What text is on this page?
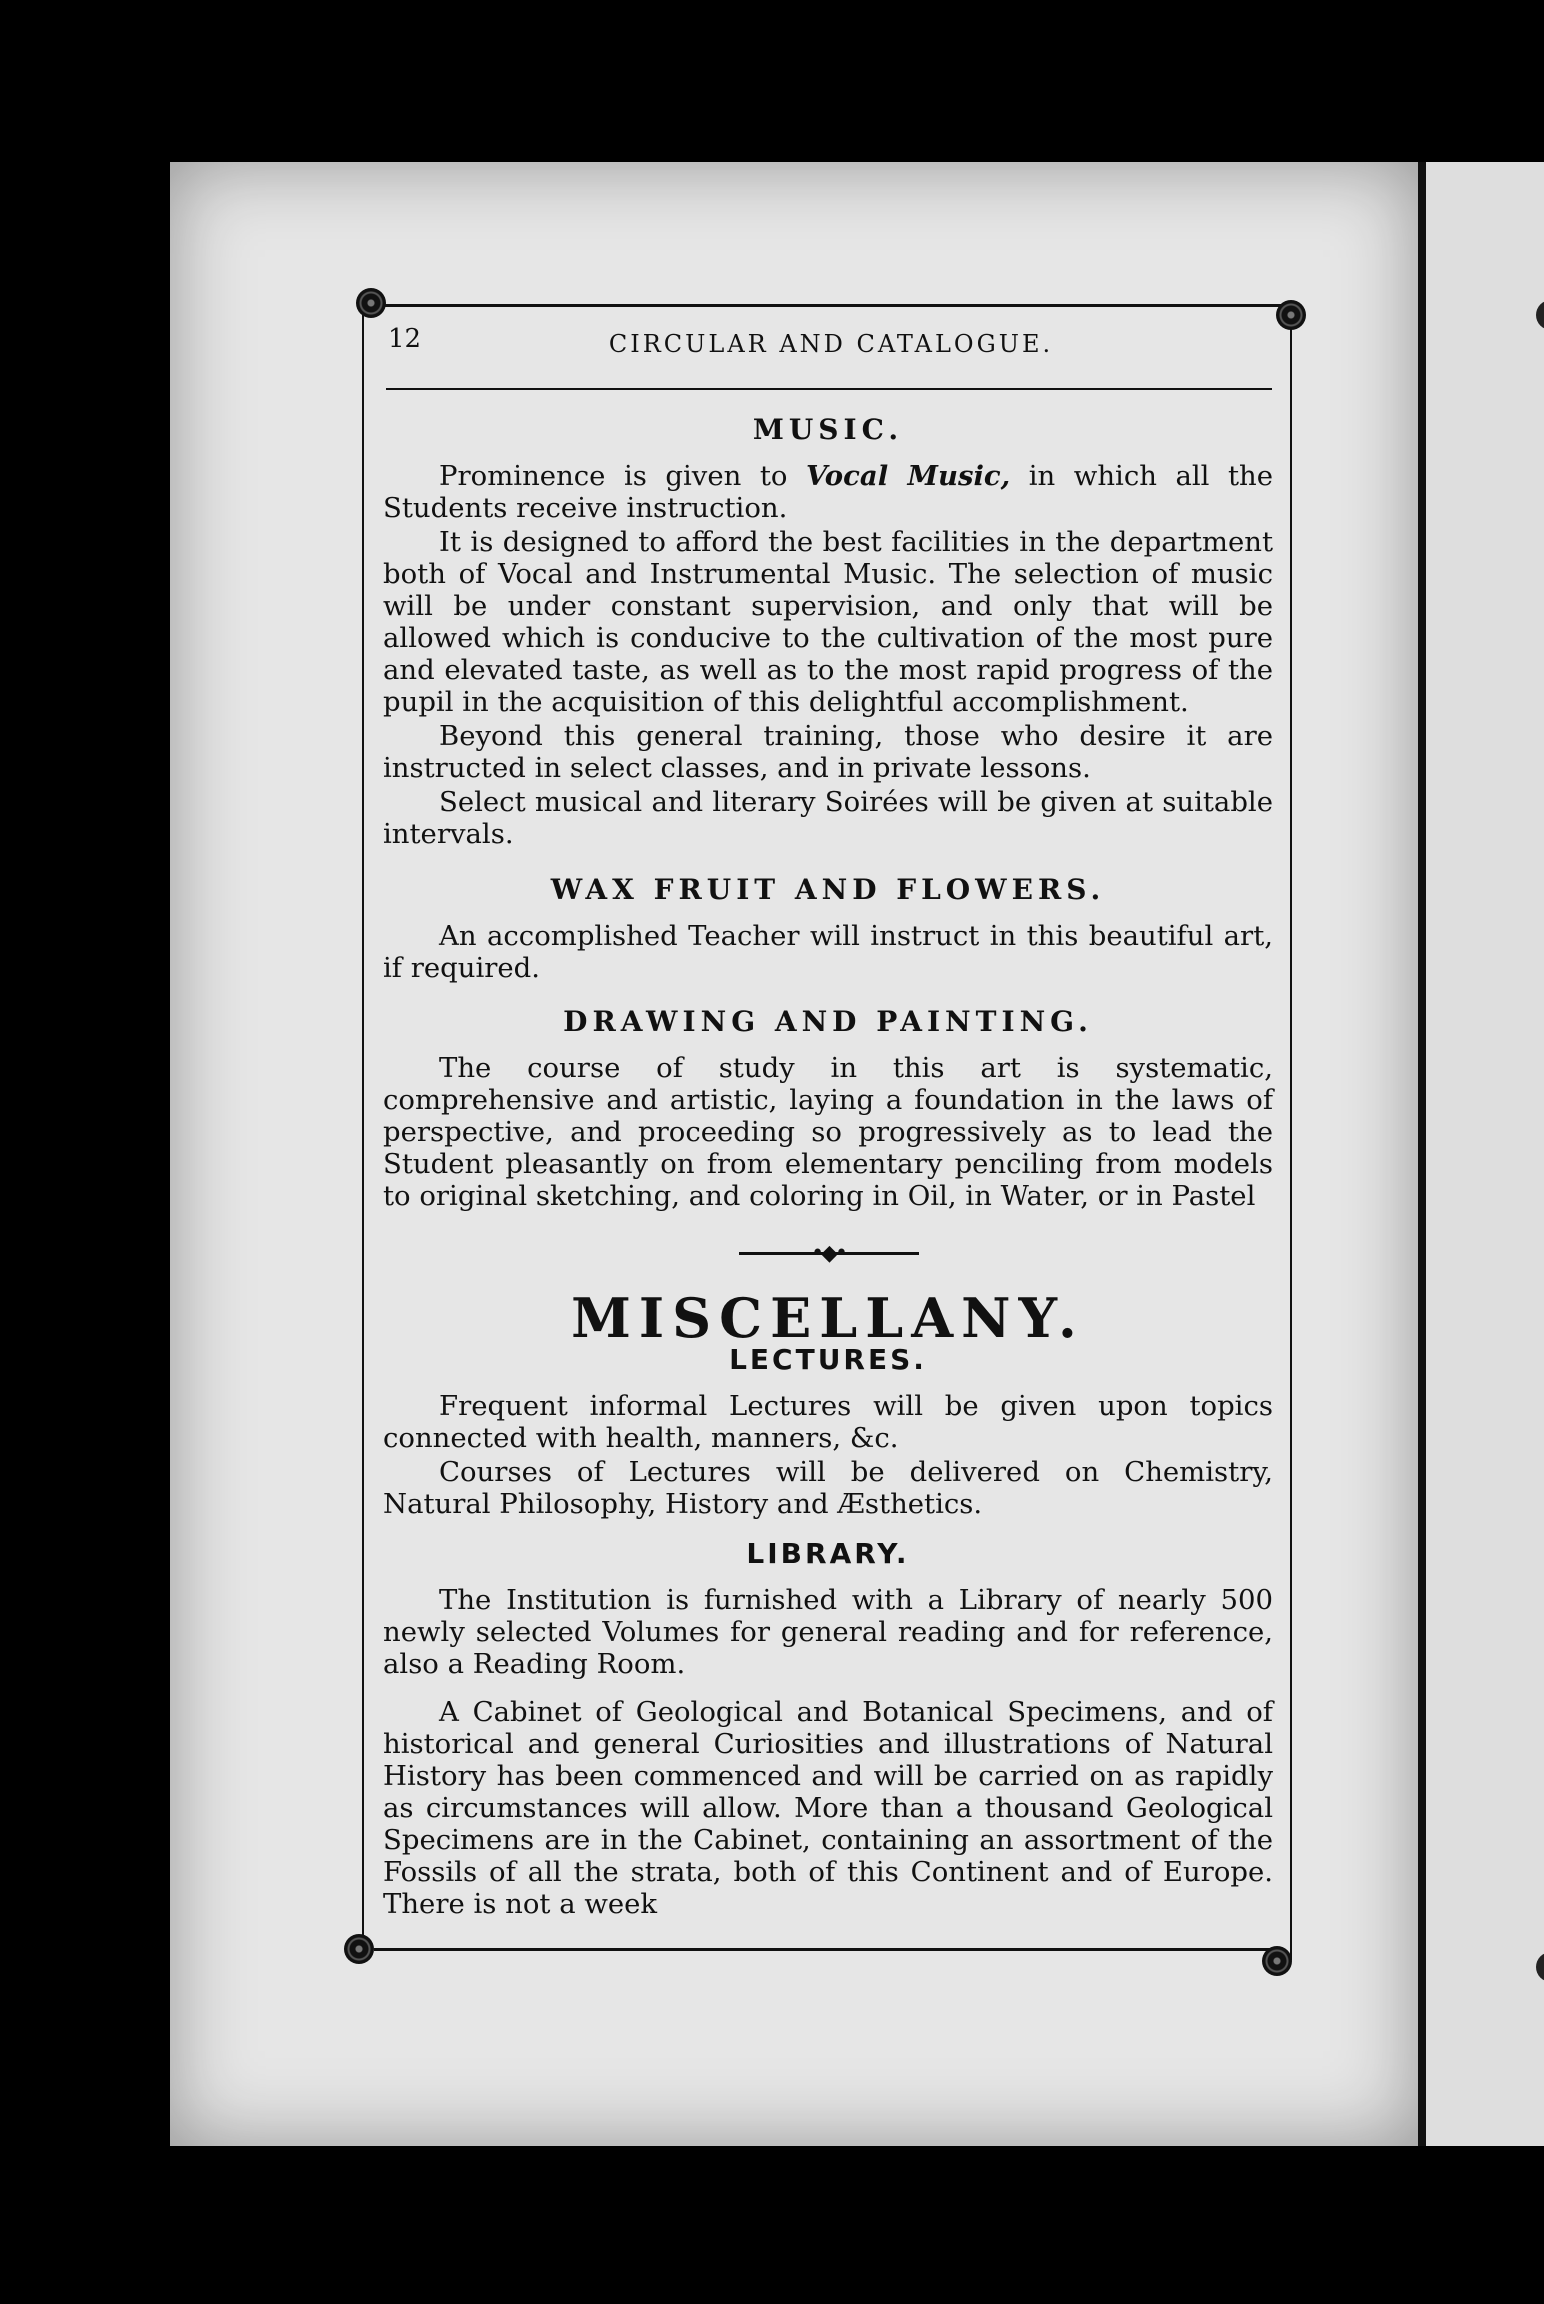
12	CIRCULAR AND CATALOGUE.
MUSIC.

Prominence is given to Vocal Music, in which all the Students receive instruction.

It is designed to afford the best facilities in the department both of Vocal and Instrumental Music. The selection of music will be under constant supervision, and only that will be allowed which is conducive to the cultivation of the most pure and elevated taste, as well as to the most rapid progress of the pupil in the acquisition of this delightful accomplishment.

Beyond this general training, those who desire it are instructed in select classes, and in private lessons.

Select musical and literary Soirées will be given at suitable intervals.

WAX FRUIT AND FLOWERS.

An accomplished Teacher will instruct in this beautiful art, if required.

DRAWING AND PAINTING.

The course of study in this art is systematic, comprehensive and artistic, laying a foundation in the laws of perspective, and proceeding so progressively as to lead the Student pleasantly on from elementary penciling from models to original sketching, and coloring in Oil, in Water, or in Pastel

•◆•
MISCELLANY.
LECTURES.

Frequent informal Lectures will be given upon topics connected with health, manners, &c.

Courses of Lectures will be delivered on Chemistry, Natural Philosophy, History and Æsthetics.

LIBRARY.

The Institution is furnished with a Library of nearly 500 newly selected Volumes for general reading and for reference, also a Reading Room.

A Cabinet of Geological and Botanical Specimens, and of historical and general Curiosities and illustrations of Natural History has been commenced and will be carried on as rapidly as circumstances will allow. More than a thousand Geological Specimens are in the Cabinet, containing an assortment of the Fossils of all the strata, both of this Continent and of Europe. There is not a week
